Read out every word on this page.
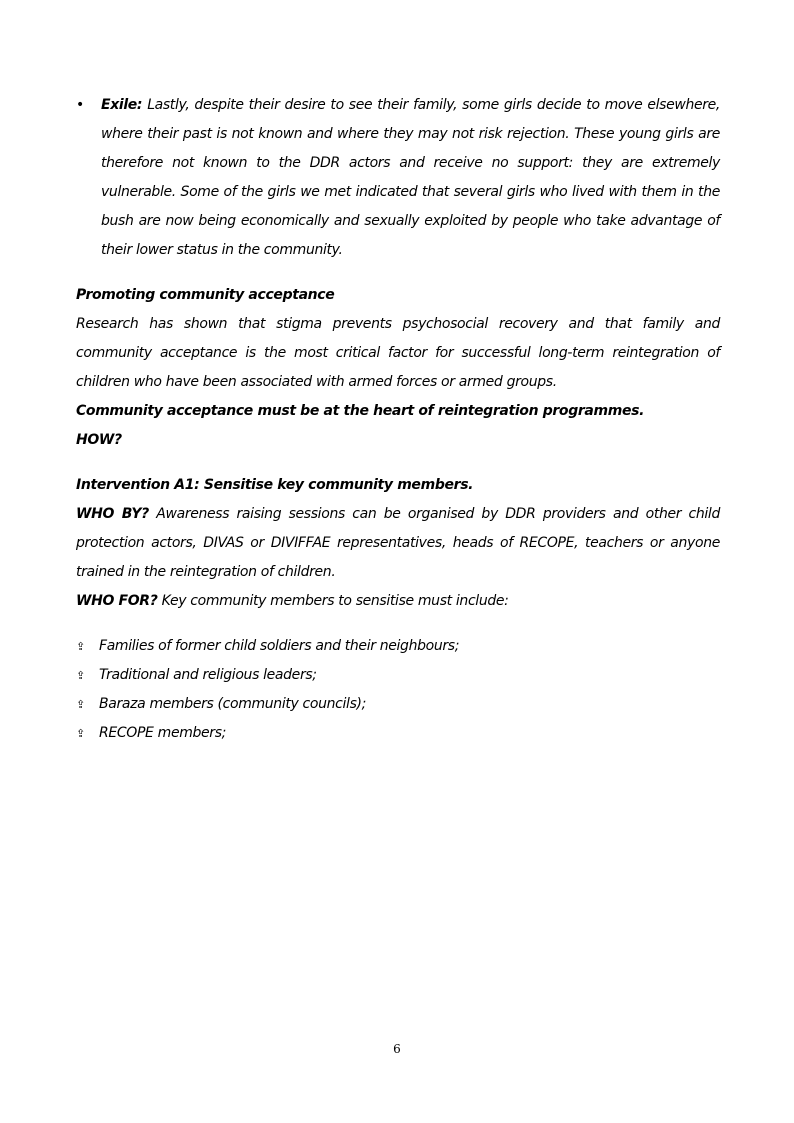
•	Exile: Lastly, despite their desire to see their family, some girls decide to move elsewhere, where their past is not known and where they may not risk rejection. These young girls are therefore not known to the DDR actors and receive no support: they are extremely vulnerable. Some of the girls we met indicated that several girls who lived with them in the bush are now being economically and sexually exploited by people who take advantage of their lower status in the community.

Promoting community acceptance

Research has shown that stigma prevents psychosocial recovery and that family and community acceptance is the most critical factor for successful long-term reintegration of children who have been associated with armed forces or armed groups.

Community acceptance must be at the heart of reintegration programmes.

HOW?

Intervention A1: Sensitise key community members.

WHO BY? Awareness raising sessions can be organised by DDR providers and other child protection actors, DIVAS or DIVIFFAE representatives, heads of RECOPE, teachers or anyone trained in the reintegration of children.

WHO FOR? Key community members to sensitise must include:

⇪ Families of former child soldiers and their neighbours;
⇪ Traditional and religious leaders;
⇪ Baraza members (community councils);
⇪ RECOPE members;
6
